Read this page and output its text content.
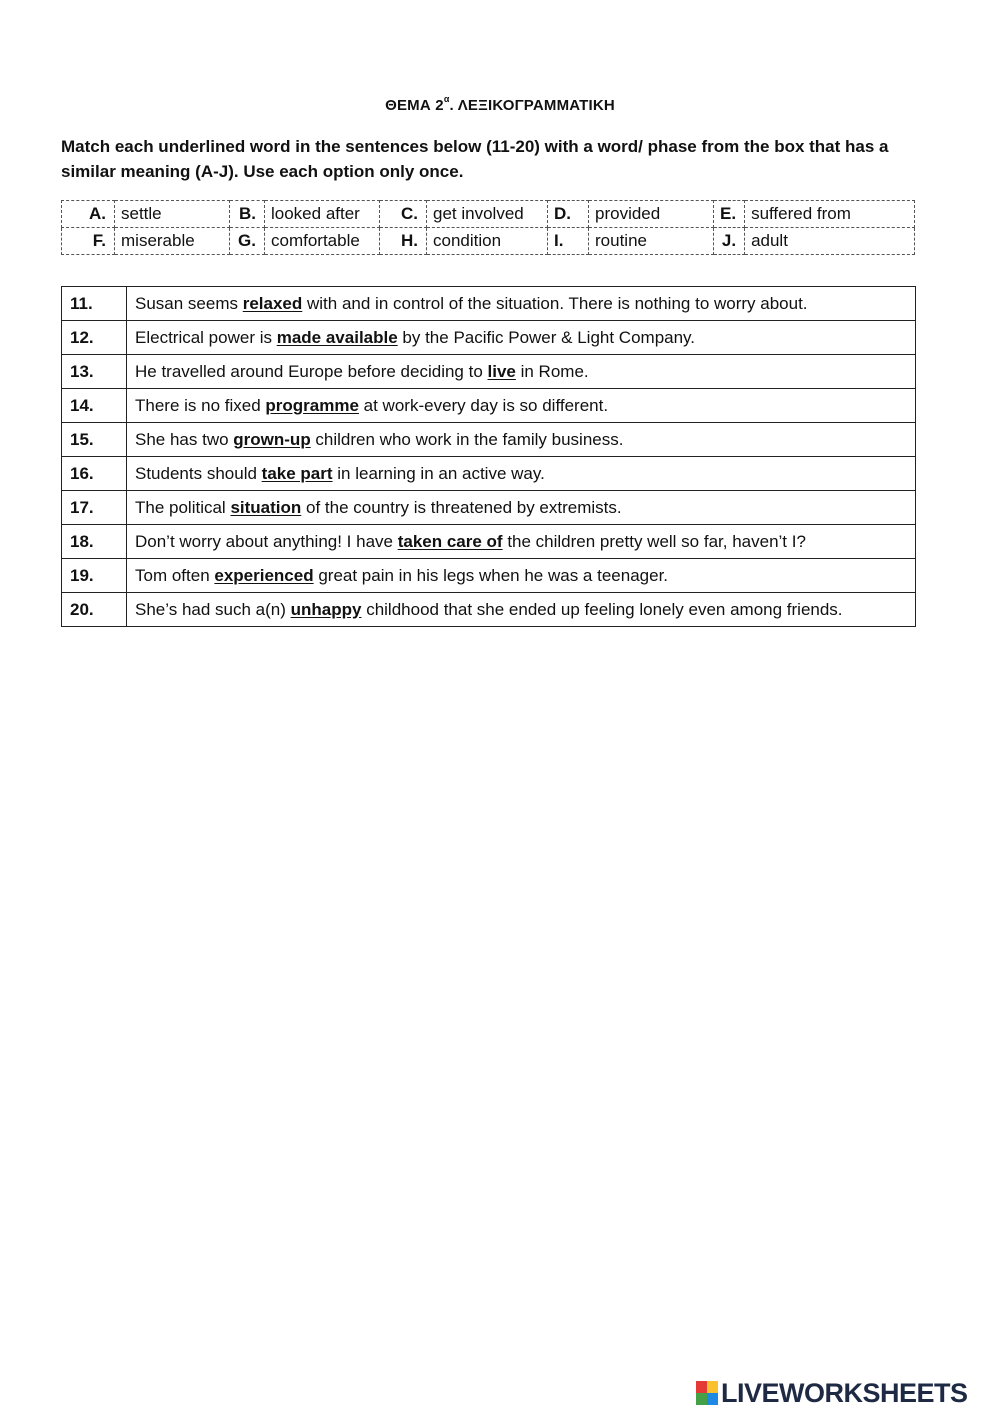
ΘΕΜΑ $2^\alpha$. ΛΕΞΙΚΟΓΡΑΜΜΑΤΙΚΗ
Match each underlined word in the sentences below (11-20) with a word/ phase from the box that has a similar meaning (A-J). Use each option only once.
A.	settle	B.	looked after	C.	get involved	D.	provided	E.	suffered from
F.	miserable	G.	comfortable	H.	condition	I.	routine	J.	adult
11.	Susan seems relaxed with and in control of the situation. There is nothing to worry about.
12.	Electrical power is made available by the Pacific Power & Light Company.
13.	He travelled around Europe before deciding to live in Rome.
14.	There is no fixed programme at work-every day is so different.
15.	She has two grown-up children who work in the family business.
16.	Students should take part in learning in an active way.
17.	The political situation of the country is threatened by extremists.
18.	Don’t worry about anything! I have taken care of the children pretty well so far, haven’t I?
19.	Tom often experienced great pain in his legs when he was a teenager.
20.	She’s had such a(n) unhappy childhood that she ended up feeling lonely even among friends.
LIVEWORKSHEETS
